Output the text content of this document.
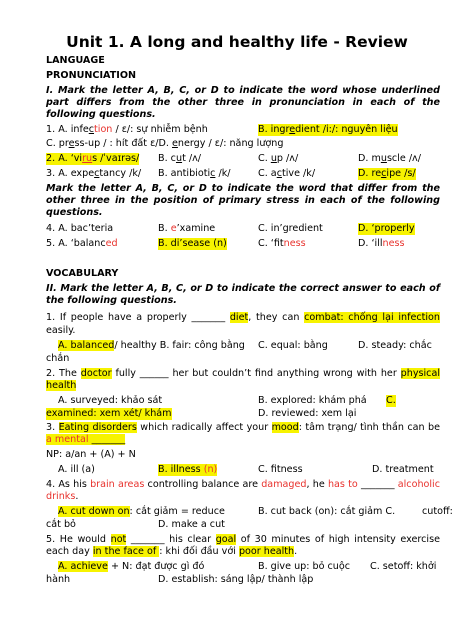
Unit 1. A long and healthy life - Review
LANGUAGE
PRONUNCIATION
I. Mark the letter A, B, C, or D to indicate the word whose underlined
part differs from the other three in pronunciation in each of the
following questions.
1. A. infection / ɛ/: sự nhiễm bệnh	B. ingredient /i:/: nguyên liệu
C. press-up / : hít đất ɛ/D. energy / ɛ/: năng lượng
2. A. ‘virus /ˈvaɪrəs/ B. cut /ʌ/	C. up /ʌ/	D. muscle /ʌ/
3. A. expectancy /k/ B. antibiotic /k/	C. active /k/	D. recipe /s/
Mark the letter A, B, C, or D to indicate the word that differ from the
other three in the position of primary stress in each of the following
questions.
4. A. bac’teria	B. e’xamine	C. in’gredient	D. ‘properly
5. A. ‘balanced	B. di’sease (n)	C. ‘fitness	D. ‘illness
VOCABULARY
II. Mark the letter A, B, C, or D to indicate the correct answer to each of
the following questions.
1. If people have a properly _______ diet, they can combat: chống lại infection
easily.
A. balanced/ healthy B. fair: công bằng C. equal: bằng	D. steady: chắc
chắn
2. The doctor fully ______ her but couldn’t find anything wrong with her physical
health
A. surveyed: khảo sát	B. explored: khám phá C.
examined: xem xét/ khám	D. reviewed: xem lại
3. Eating disorders which radically affect your mood: tâm trạng/ tình thần can be
a mental _______
NP: a/an + (A) + N
A. ill (a)	B. illness (n)	C. fitness	D. treatment
4. As his brain areas controlling balance are damaged, he has to _______ alcoholic
drinks.
A. cut down on: cắt giảm = reduce	B. cut back (on): cắt giảm C.	cutoff:
cắt bỏ	D. make a cut
5. He would not _______ his clear goal of 30 minutes of high intensity exercise
each day in the face of : khi đối đầu với poor health.
A. achieve + N: đạt được gì đó	B. give up: bỏ cuộc C. setoff: khởi
hành	D. establish: sáng lập/ thành lập
